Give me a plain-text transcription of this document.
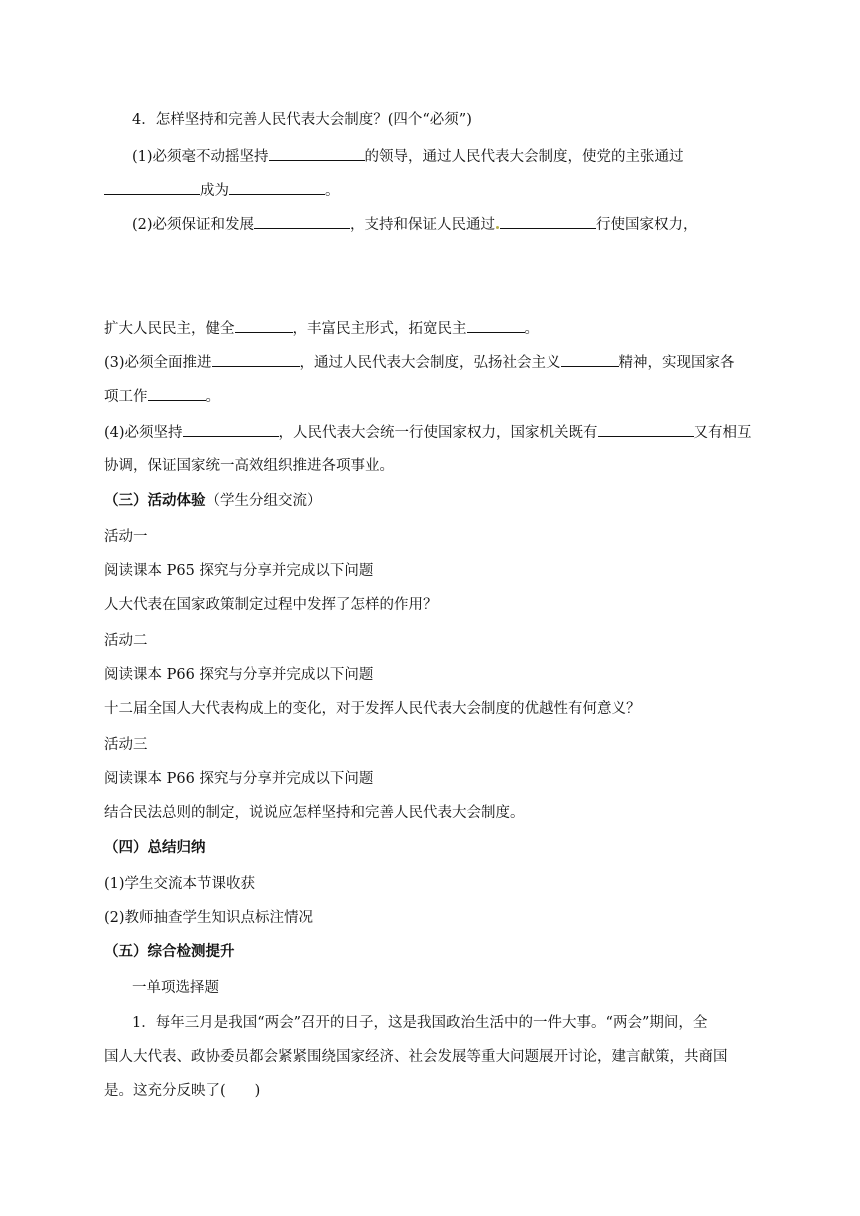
4．怎样坚持和完善人民代表大会制度？(四个“必须”)
(1)必须毫不动摇坚持	的领导，通过人民代表大会制度，使党的主张通过
成为	。
(2)必须保证和发展	，支持和保证人民通过	行使国家权力，
扩大人民民主，健全	，丰富民主形式，拓宽民主	。
(3)必须全面推进	，通过人民代表大会制度，弘扬社会主义	精神，实现国家各
项工作	。
(4)必须坚持	，人民代表大会统一行使国家权力，国家机关既有	又有相互
协调，保证国家统一高效组织推进各项事业。
（三）活动体验（学生分组交流）
活动一
阅读课本 P65 探究与分享并完成以下问题
人大代表在国家政策制定过程中发挥了怎样的作用？
活动二
阅读课本 P66 探究与分享并完成以下问题
十二届全国人大代表构成上的变化，对于发挥人民代表大会制度的优越性有何意义？
活动三
阅读课本 P66 探究与分享并完成以下问题
结合民法总则的制定，说说应怎样坚持和完善人民代表大会制度。
（四）总结归纳
(1)学生交流本节课收获
(2)教师抽查学生知识点标注情况
（五）综合检测提升
一单项选择题
1．每年三月是我国“两会”召开的日子，这是我国政治生活中的一件大事。“两会”期间，全
国人大代表、政协委员都会紧紧围绕国家经济、社会发展等重大问题展开讨论，建言献策，共商国
是。这充分反映了(　　)
